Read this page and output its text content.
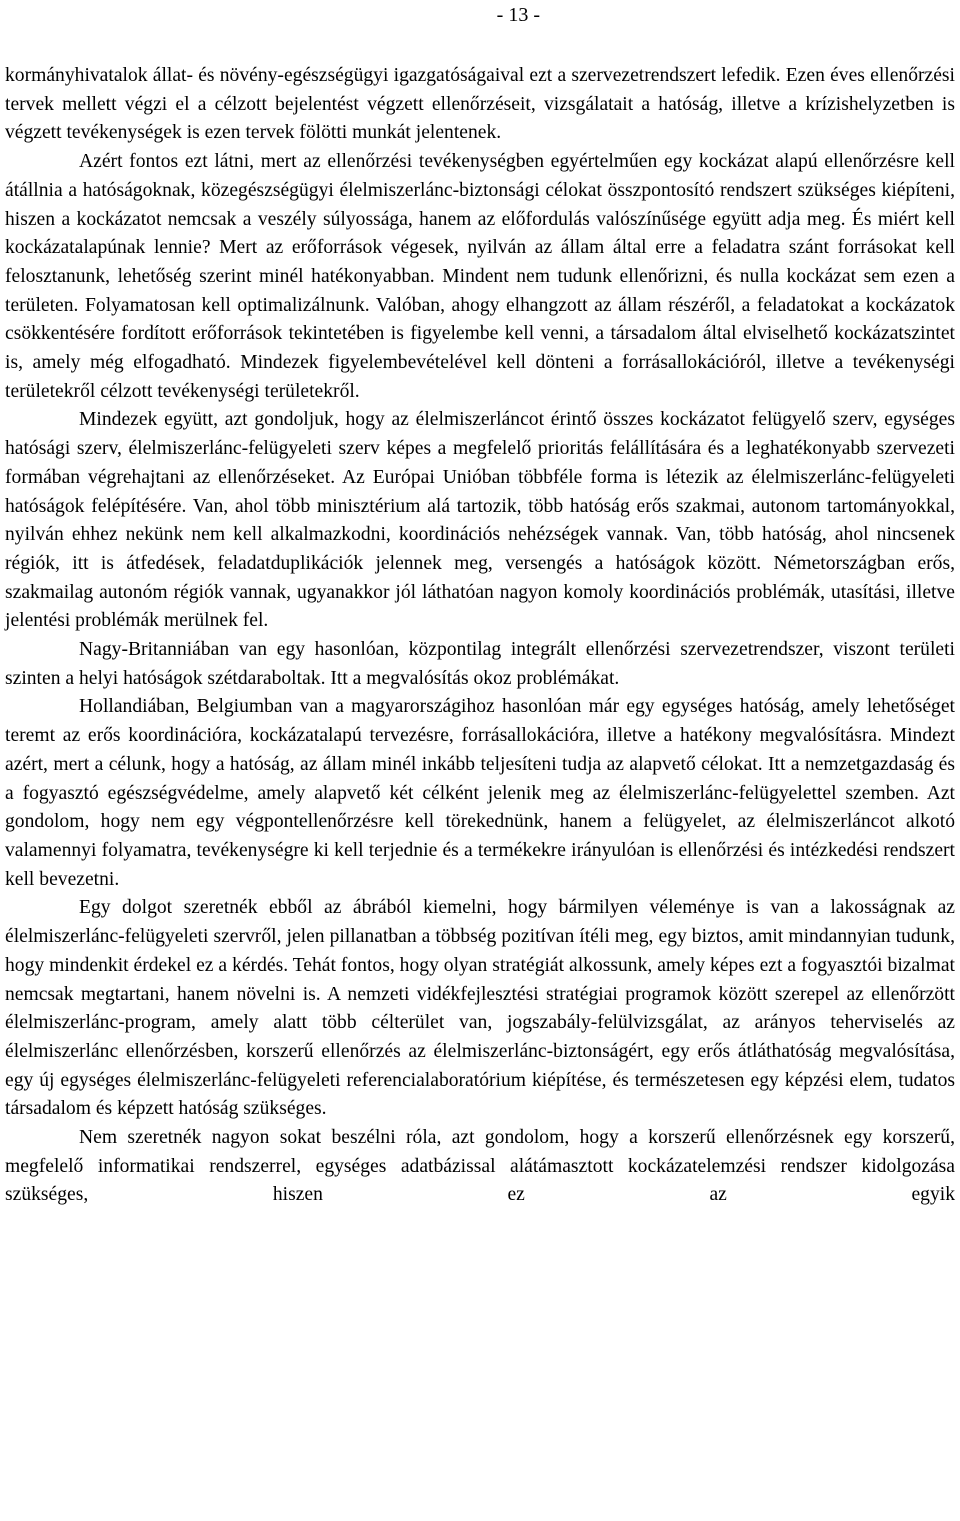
- 13 -

kormányhivatalok állat- és növény-egészségügyi igazgatóságaival ezt a szervezetrendszert lefedik. Ezen éves ellenőrzési tervek mellett végzi el a célzott bejelentést végzett ellenőrzéseit, vizsgálatait a hatóság, illetve a krízishelyzetben is végzett tevékenységek is ezen tervek fölötti munkát jelentenek.

Azért fontos ezt látni, mert az ellenőrzési tevékenységben egyértelműen egy kockázat alapú ellenőrzésre kell átállnia a hatóságoknak, közegészségügyi élelmiszerlánc-biztonsági célokat összpontosító rendszert szükséges kiépíteni, hiszen a kockázatot nemcsak a veszély súlyossága, hanem az előfordulás valószínűsége együtt adja meg. És miért kell kockázatalapúnak lennie? Mert az erőforrások végesek, nyilván az állam által erre a feladatra szánt forrásokat kell felosztanunk, lehetőség szerint minél hatékonyabban. Mindent nem tudunk ellenőrizni, és nulla kockázat sem ezen a területen. Folyamatosan kell optimalizálnunk. Valóban, ahogy elhangzott az állam részéről, a feladatokat a kockázatok csökkentésére fordított erőforrások tekintetében is figyelembe kell venni, a társadalom által elviselhető kockázatszintet is, amely még elfogadható. Mindezek figyelembevételével kell dönteni a forrásallokációról, illetve a tevékenységi területekről célzott tevékenységi területekről.

Mindezek együtt, azt gondoljuk, hogy az élelmiszerláncot érintő összes kockázatot felügyelő szerv, egységes hatósági szerv, élelmiszerlánc-felügyeleti szerv képes a megfelelő prioritás felállítására és a leghatékonyabb szervezeti formában végrehajtani az ellenőrzéseket. Az Európai Unióban többféle forma is létezik az élelmiszerlánc-felügyeleti hatóságok felépítésére. Van, ahol több minisztérium alá tartozik, több hatóság erős szakmai, autonom tartományokkal, nyilván ehhez nekünk nem kell alkalmazkodni, koordinációs nehézségek vannak. Van, több hatóság, ahol nincsenek régiók, itt is átfedések, feladatduplikációk jelennek meg, versengés a hatóságok között. Németországban erős, szakmailag autonóm régiók vannak, ugyanakkor jól láthatóan nagyon komoly koordinációs problémák, utasítási, illetve jelentési problémák merülnek fel.

Nagy-Britanniában van egy hasonlóan, központilag integrált ellenőrzési szervezetrendszer, viszont területi szinten a helyi hatóságok szétdaraboltak. Itt a megvalósítás okoz problémákat.

Hollandiában, Belgiumban van a magyarországihoz hasonlóan már egy egységes hatóság, amely lehetőséget teremt az erős koordinációra, kockázatalapú tervezésre, forrásallokációra, illetve a hatékony megvalósításra. Mindezt azért, mert a célunk, hogy a hatóság, az állam minél inkább teljesíteni tudja az alapvető célokat. Itt a nemzetgazdaság és a fogyasztó egészségvédelme, amely alapvető két célként jelenik meg az élelmiszerlánc-felügyelettel szemben. Azt gondolom, hogy nem egy végpontellenőrzésre kell törekednünk, hanem a felügyelet, az élelmiszerláncot alkotó valamennyi folyamatra, tevékenységre ki kell terjednie és a termékekre irányulóan is ellenőrzési és intézkedési rendszert kell bevezetni.

Egy dolgot szeretnék ebből az ábrából kiemelni, hogy bármilyen véleménye is van a lakosságnak az élelmiszerlánc-felügyeleti szervről, jelen pillanatban a többség pozitívan ítéli meg, egy biztos, amit mindannyian tudunk, hogy mindenkit érdekel ez a kérdés. Tehát fontos, hogy olyan stratégiát alkossunk, amely képes ezt a fogyasztói bizalmat nemcsak megtartani, hanem növelni is. A nemzeti vidékfejlesztési stratégiai programok között szerepel az ellenőrzött élelmiszerlánc-program, amely alatt több célterület van, jogszabály-felülvizsgálat, az arányos teherviselés az élelmiszerlánc ellenőrzésben, korszerű ellenőrzés az élelmiszerlánc-biztonságért, egy erős átláthatóság megvalósítása, egy új egységes élelmiszerlánc-felügyeleti referencialaboratórium kiépítése, és természetesen egy képzési elem, tudatos társadalom és képzett hatóság szükséges.

Nem szeretnék nagyon sokat beszélni róla, azt gondolom, hogy a korszerű ellenőrzésnek egy korszerű, megfelelő informatikai rendszerrel, egységes adatbázissal alátámasztott kockázatelemzési rendszer kidolgozása szükséges, hiszen ez az egyik
